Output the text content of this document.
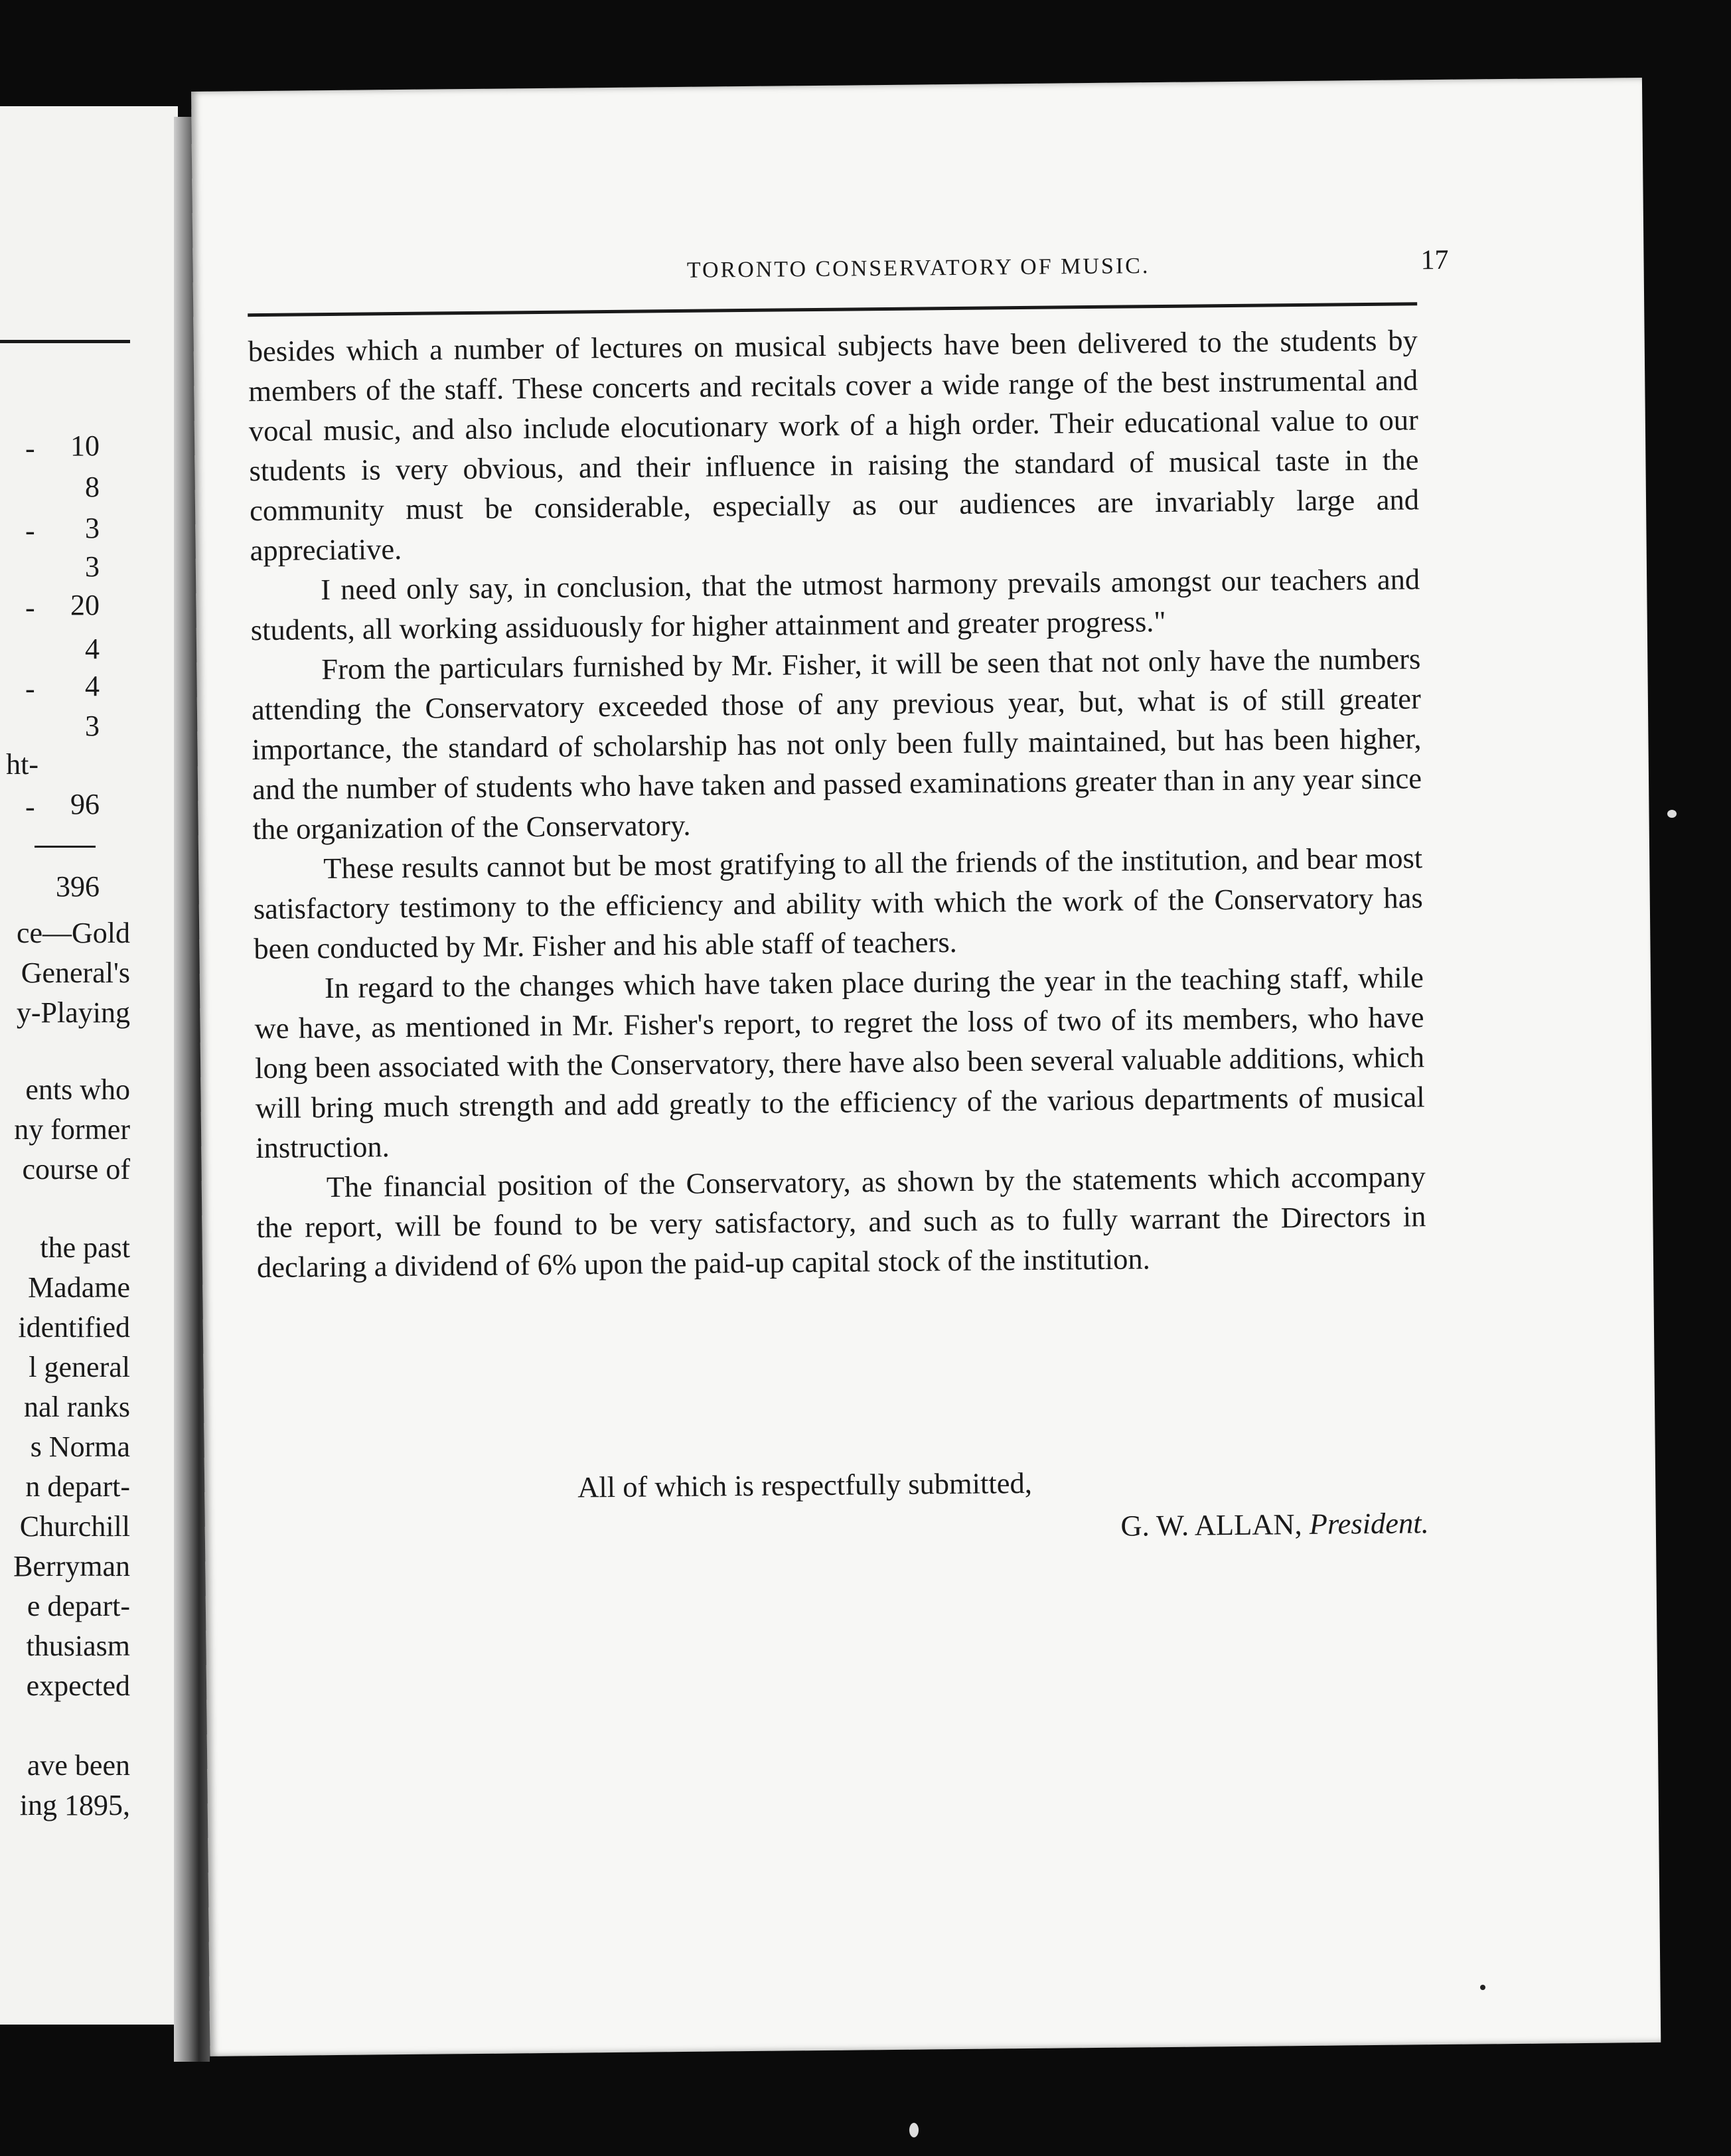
- 10
8
- 3
3
- 20
4
- 4
3
ht-
- 96
396
ce—Gold
General's
y-Playing
ents who
ny former
course of
the past
Madame
identified
l general
nal ranks
s Norma
n depart-
Churchill
Berryman
e depart-
thusiasm
expected
ave been
ing 1895,
TORONTO CONSERVATORY OF MUSIC.	17

besides which a number of lectures on musical subjects have been delivered to the students by members of the staff. These concerts and recitals cover a wide range of the best instrumental and vocal music, and also include elocutionary work of a high order. Their educational value to our students is very obvious, and their influence in raising the standard of musical taste in the community must be considerable, especially as our audiences are invariably large and appreciative.

I need only say, in conclusion, that the utmost harmony prevails amongst our teachers and students, all working assiduously for higher attainment and greater progress."

From the particulars furnished by Mr. Fisher, it will be seen that not only have the numbers attending the Conservatory exceeded those of any previous year, but, what is of still greater importance, the standard of scholarship has not only been fully maintained, but has been higher, and the number of students who have taken and passed examinations greater than in any year since the organization of the Conservatory.

These results cannot but be most gratifying to all the friends of the institution, and bear most satisfactory testimony to the efficiency and ability with which the work of the Conservatory has been conducted by Mr. Fisher and his able staff of teachers.

In regard to the changes which have taken place during the year in the teaching staff, while we have, as mentioned in Mr. Fisher's report, to regret the loss of two of its members, who have long been associated with the Conservatory, there have also been several valuable additions, which will bring much strength and add greatly to the efficiency of the various departments of musical instruction.

The financial position of the Conservatory, as shown by the statements which accompany the report, will be found to be very satisfactory, and such as to fully warrant the Directors in declaring a dividend of 6% upon the paid-up capital stock of the institution.

All of which is respectfully submitted,
G. W. ALLAN, President.
